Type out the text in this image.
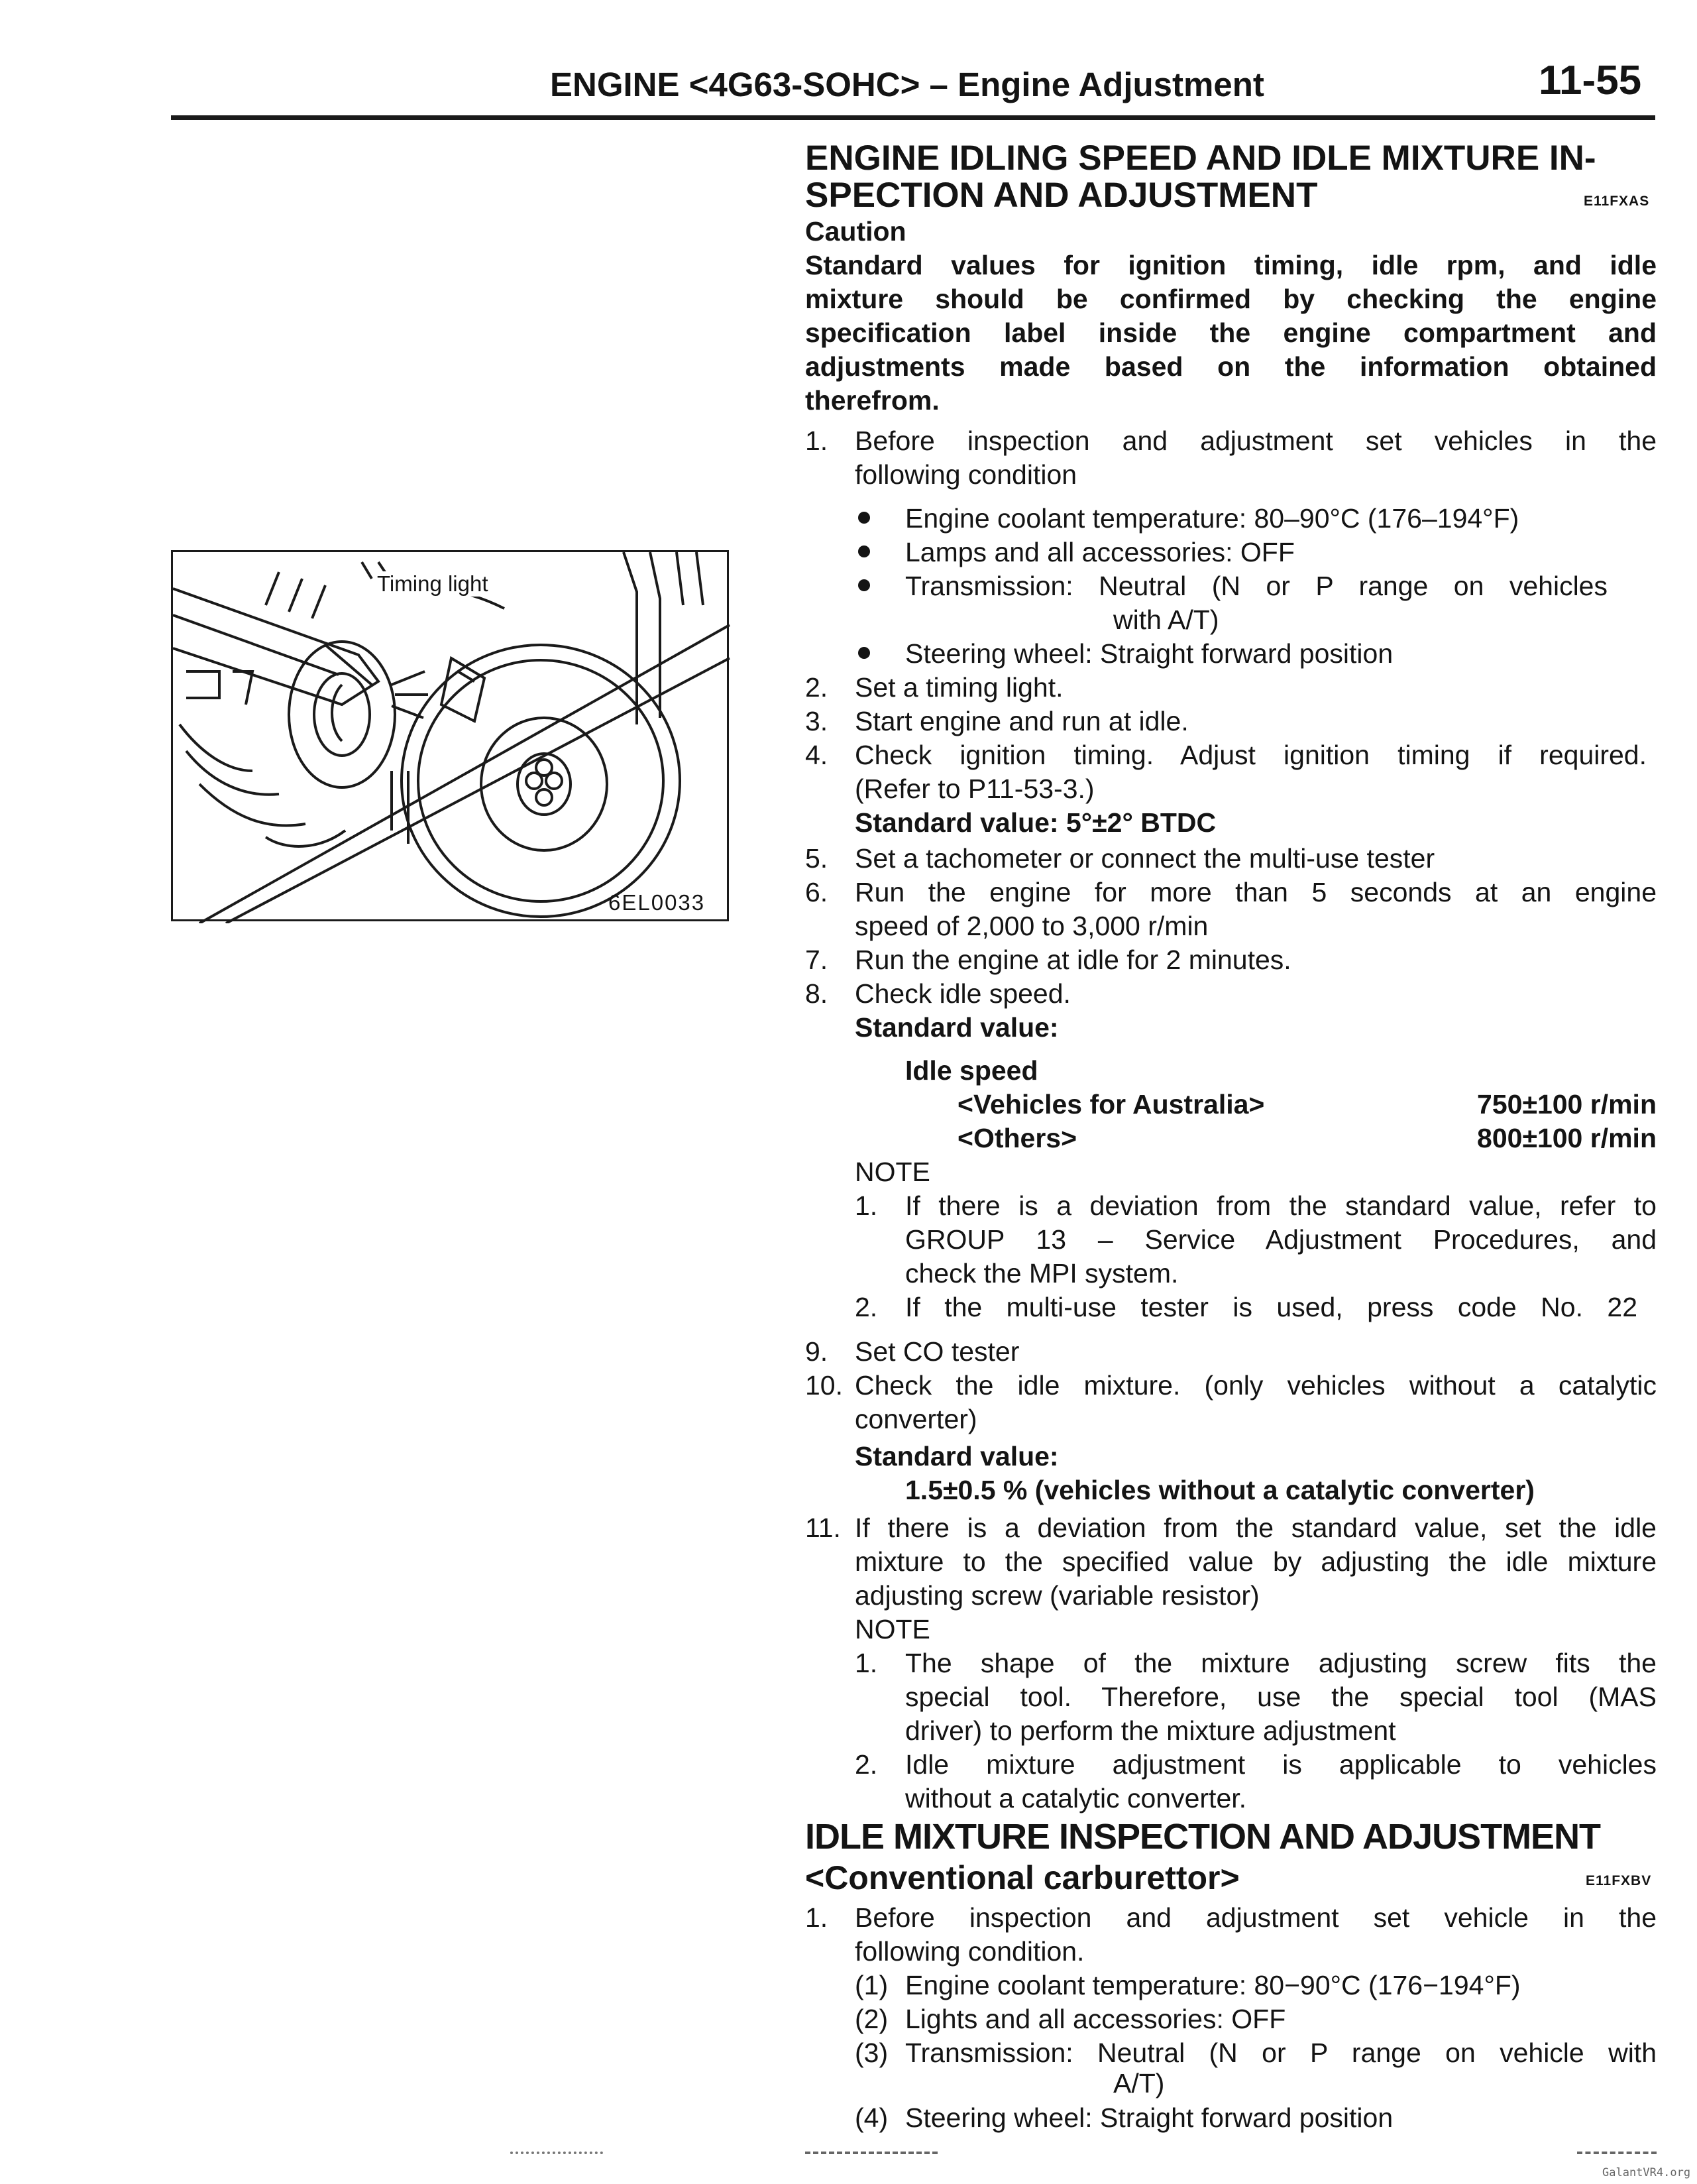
ENGINE <4G63-SOHC> – Engine Adjustment	11-55
Timing light
6EL0033
ENGINE IDLING SPEED AND IDLE MIXTURE IN-
SPECTION AND ADJUSTMENT	E11FXAS
Caution
Standard values for ignition timing, idle rpm, and idle
mixture should be confirmed by checking the engine
specification label inside the engine compartment and
adjustments made based on the information obtained
therefrom.
1. Before inspection and adjustment set vehicles in the
following condition
Engine coolant temperature: 80–90°C (176–194°F)
Lamps and all accessories: OFF
Transmission: Neutral (N or P range on vehicles
with A/T)
Steering wheel: Straight forward position
2. Set a timing light.
3. Start engine and run at idle.
4. Check ignition timing. Adjust ignition timing if required.
(Refer to P11-53-3.)
Standard value: 5°±2° BTDC
5. Set a tachometer or connect the multi-use tester
6. Run the engine for more than 5 seconds at an engine
speed of 2,000 to 3,000 r/min
7. Run the engine at idle for 2 minutes.
8. Check idle speed.
Standard value:
Idle speed
<Vehicles for Australia>	750±100 r/min
<Others>	800±100 r/min
NOTE
1. If there is a deviation from the standard value, refer to
GROUP 13 – Service Adjustment Procedures, and
check the MPI system.
2. If the multi-use tester is used, press code No. 22
9. Set CO tester
10. Check the idle mixture. (only vehicles without a catalytic
converter)
Standard value:
1.5±0.5 % (vehicles without a catalytic converter)
11. If there is a deviation from the standard value, set the idle
mixture to the specified value by adjusting the idle mixture
adjusting screw (variable resistor)
NOTE
1. The shape of the mixture adjusting screw fits the
special tool. Therefore, use the special tool (MAS
driver) to perform the mixture adjustment
2. Idle mixture adjustment is applicable to vehicles
without a catalytic converter.
IDLE MIXTURE INSPECTION AND ADJUSTMENT
<Conventional carburettor>	E11FXBV
1. Before inspection and adjustment set vehicle in the
following condition.
(1) Engine coolant temperature: 80−90°C (176−194°F)
(2) Lights and all accessories: OFF
(3) Transmission: Neutral (N or P range on vehicle with
A/T)
(4) Steering wheel: Straight forward position
GalantVR4.org
